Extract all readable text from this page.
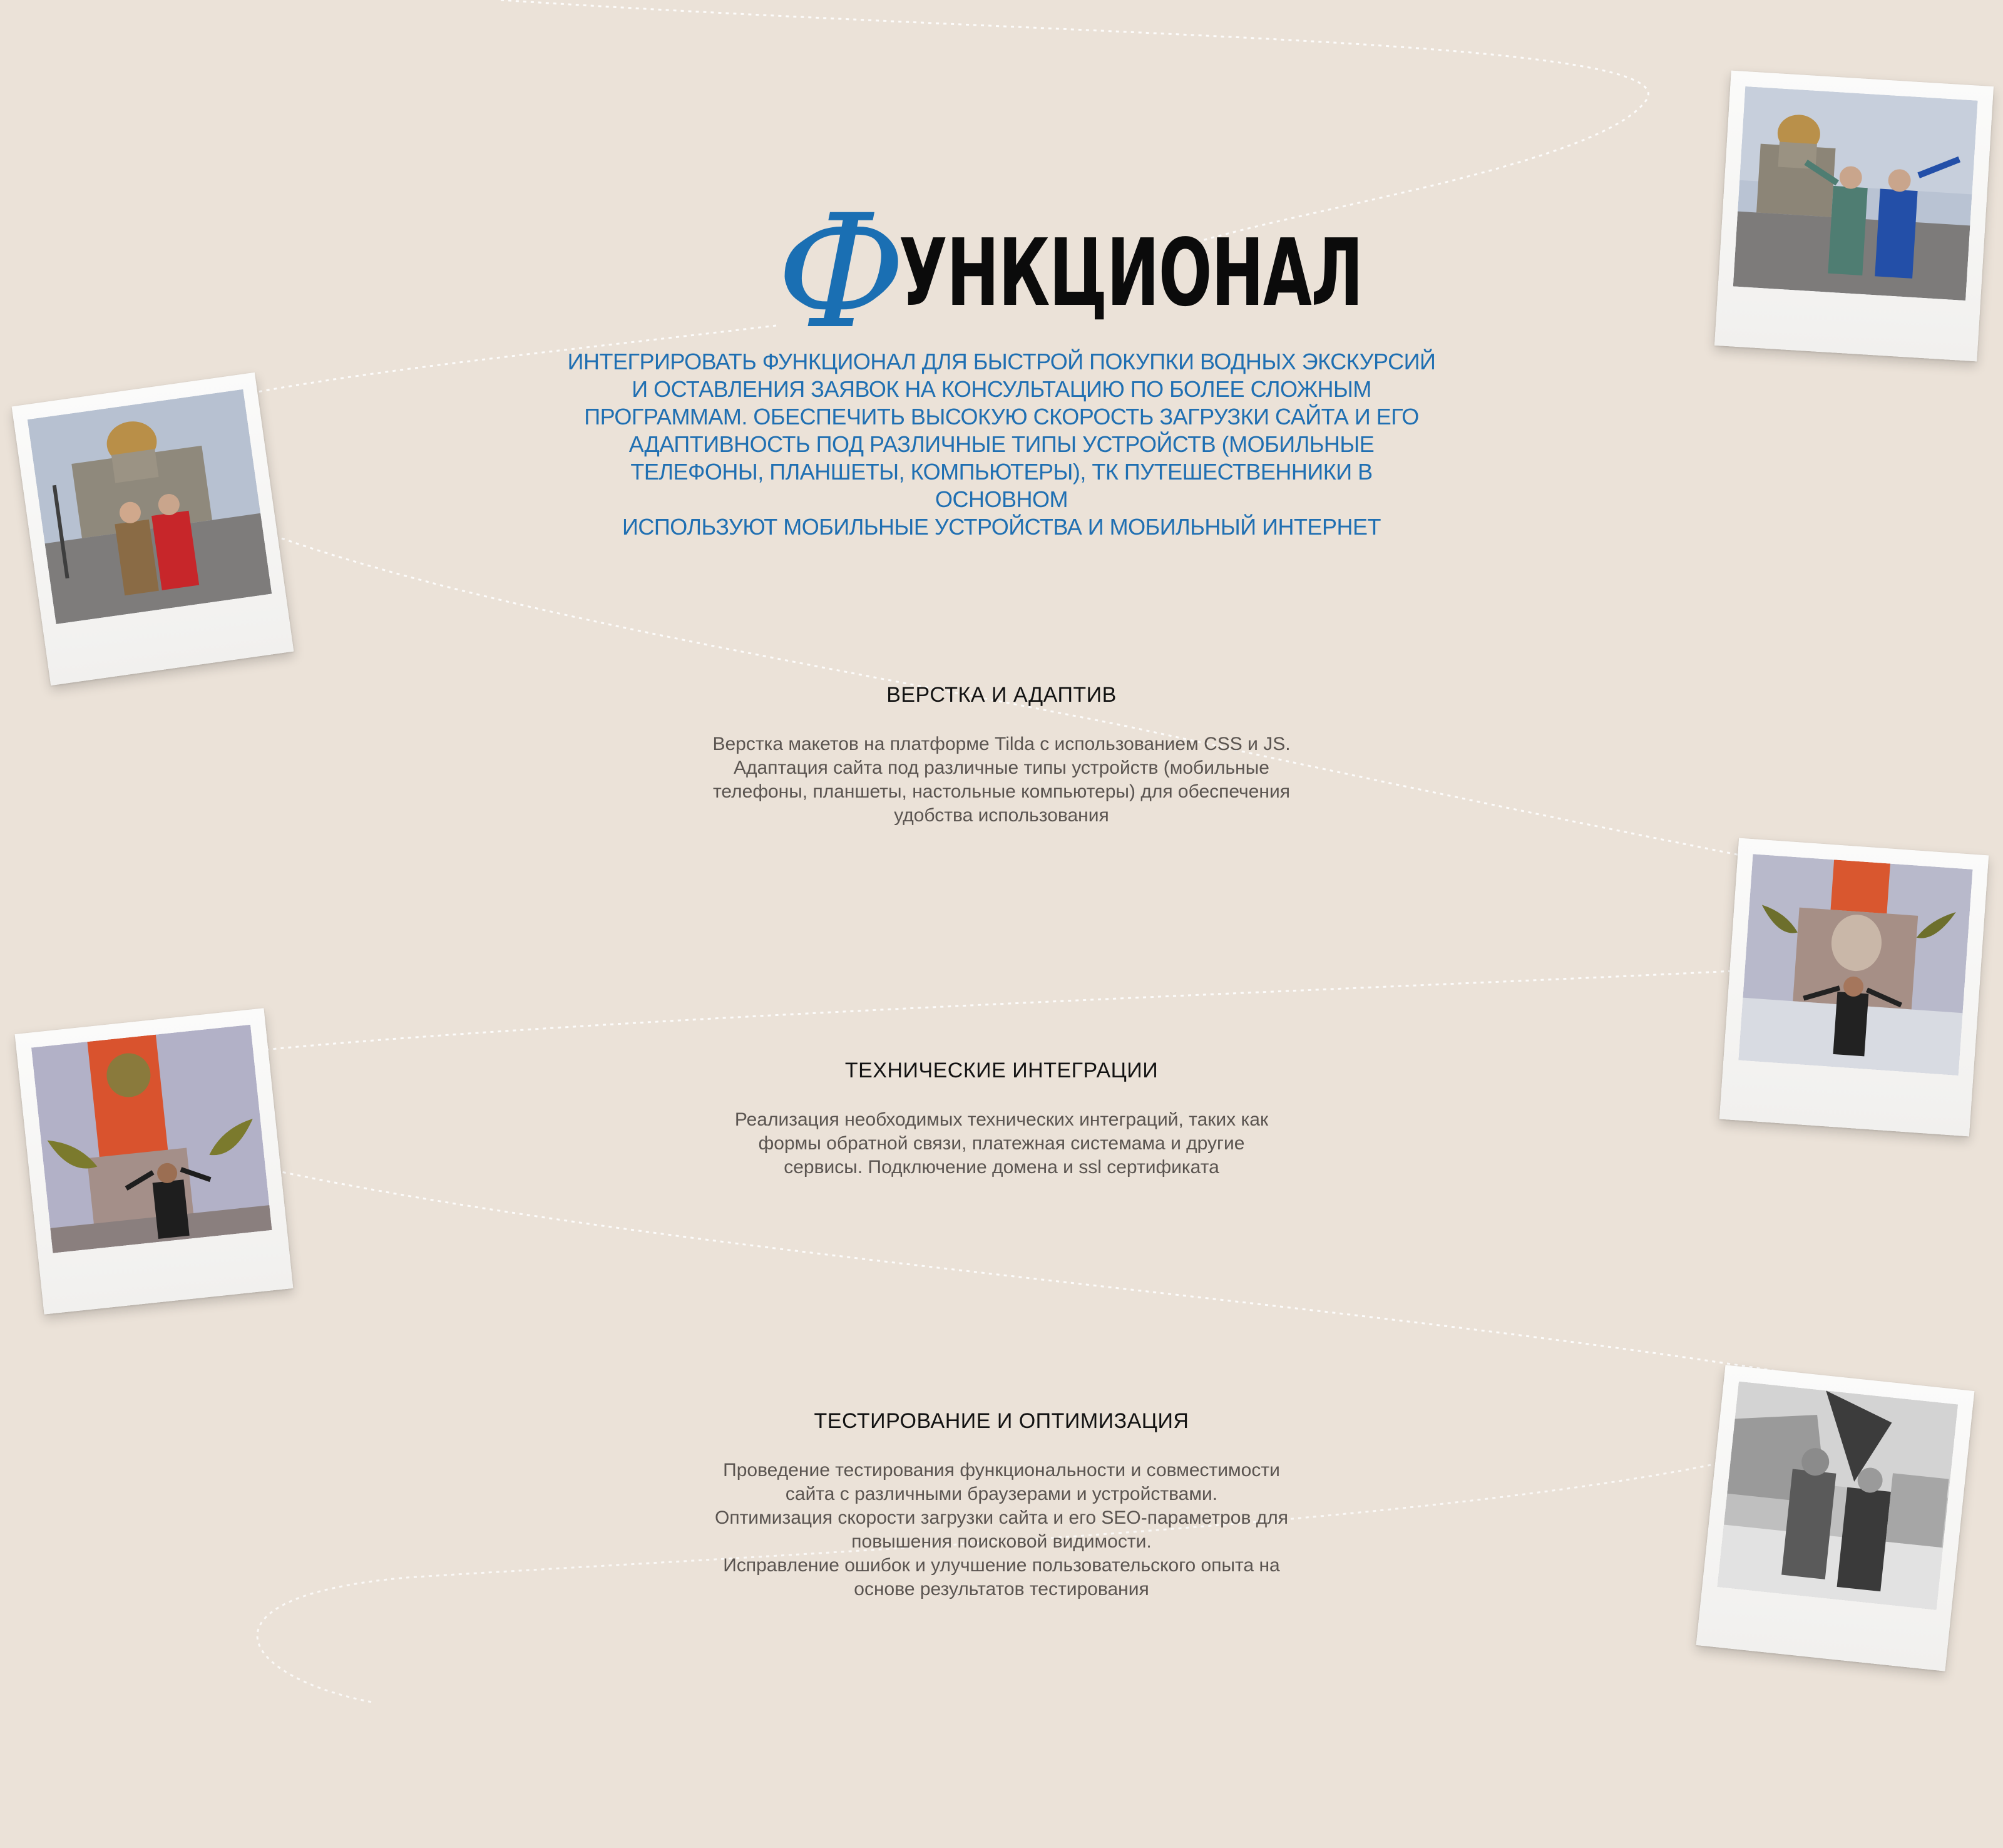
Ф
УНКЦИОНАЛ
ИНТЕГРИРОВАТЬ ФУНКЦИОНАЛ ДЛЯ БЫСТРОЙ ПОКУПКИ ВОДНЫХ ЭКСКУРСИЙ
И ОСТАВЛЕНИЯ ЗАЯВОК НА КОНСУЛЬТАЦИЮ ПО БОЛЕЕ СЛОЖНЫМ
ПРОГРАММАМ. ОБЕСПЕЧИТЬ ВЫСОКУЮ СКОРОСТЬ ЗАГРУЗКИ САЙТА И ЕГО
АДАПТИВНОСТЬ ПОД РАЗЛИЧНЫЕ ТИПЫ УСТРОЙСТВ (МОБИЛЬНЫЕ
ТЕЛЕФОНЫ, ПЛАНШЕТЫ, КОМПЬЮТЕРЫ), ТК ПУТЕШЕСТВЕННИКИ В ОСНОВНОМ
ИСПОЛЬЗУЮТ МОБИЛЬНЫЕ УСТРОЙСТВА И МОБИЛЬНЫЙ ИНТЕРНЕТ
ВЕРСТКА И АДАПТИВ
Верстка макетов на платформе Tilda с использованием CSS и JS.
Адаптация сайта под различные типы устройств (мобильные
телефоны, планшеты, настольные компьютеры) для обеспечения
удобства использования
ТЕХНИЧЕСКИЕ ИНТЕГРАЦИИ
Реализация необходимых технических интеграций, таких как
формы обратной связи, платежная системама и другие
сервисы. Подключение домена и ssl сертификата
ТЕСТИРОВАНИЕ И ОПТИМИЗАЦИЯ
Проведение тестирования функциональности и совместимости
сайта с различными браузерами и устройствами.
Оптимизация скорости загрузки сайта и его SEO-параметров для
повышения поисковой видимости.
Исправление ошибок и улучшение пользовательского опыта на
основе результатов тестирования
